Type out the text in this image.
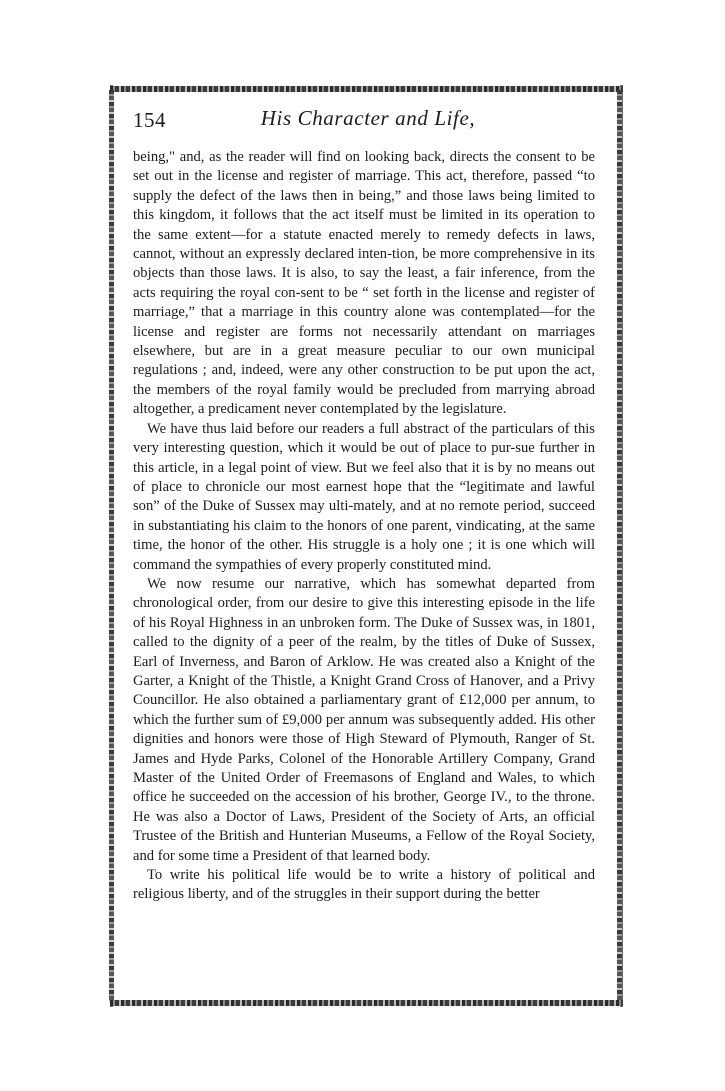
154	His Character and Life,

being," and, as the reader will find on looking back, directs the consent to be set out in the license and register of marriage. This act, therefore, passed “to supply the defect of the laws then in being,” and those laws being limited to this kingdom, it follows that the act itself must be limited in its operation to the same extent—for a statute enacted merely to remedy defects in laws, cannot, without an expressly declared inten-tion, be more comprehensive in its objects than those laws. It is also, to say the least, a fair inference, from the acts requiring the royal con-sent to be “ set forth in the license and register of marriage,” that a marriage in this country alone was contemplated—for the license and register are forms not necessarily attendant on marriages elsewhere, but are in a great measure peculiar to our own municipal regulations ; and, indeed, were any other construction to be put upon the act, the members of the royal family would be precluded from marrying abroad altogether, a predicament never contemplated by the legislature.

We have thus laid before our readers a full abstract of the particulars of this very interesting question, which it would be out of place to pur-sue further in this article, in a legal point of view. But we feel also that it is by no means out of place to chronicle our most earnest hope that the “legitimate and lawful son” of the Duke of Sussex may ulti-mately, and at no remote period, succeed in substantiating his claim to the honors of one parent, vindicating, at the same time, the honor of the other. His struggle is a holy one ; it is one which will command the sympathies of every properly constituted mind.

We now resume our narrative, which has somewhat departed from chronological order, from our desire to give this interesting episode in the life of his Royal Highness in an unbroken form. The Duke of Sussex was, in 1801, called to the dignity of a peer of the realm, by the titles of Duke of Sussex, Earl of Inverness, and Baron of Arklow. He was created also a Knight of the Garter, a Knight of the Thistle, a Knight Grand Cross of Hanover, and a Privy Councillor. He also obtained a parliamentary grant of £12,000 per annum, to which the further sum of £9,000 per annum was subsequently added. His other dignities and honors were those of High Steward of Plymouth, Ranger of St. James and Hyde Parks, Colonel of the Honorable Artillery Company, Grand Master of the United Order of Freemasons of England and Wales, to which office he succeeded on the accession of his brother, George IV., to the throne. He was also a Doctor of Laws, President of the Society of Arts, an official Trustee of the British and Hunterian Museums, a Fellow of the Royal Society, and for some time a President of that learned body.

To write his political life would be to write a history of political and religious liberty, and of the struggles in their support during the better
